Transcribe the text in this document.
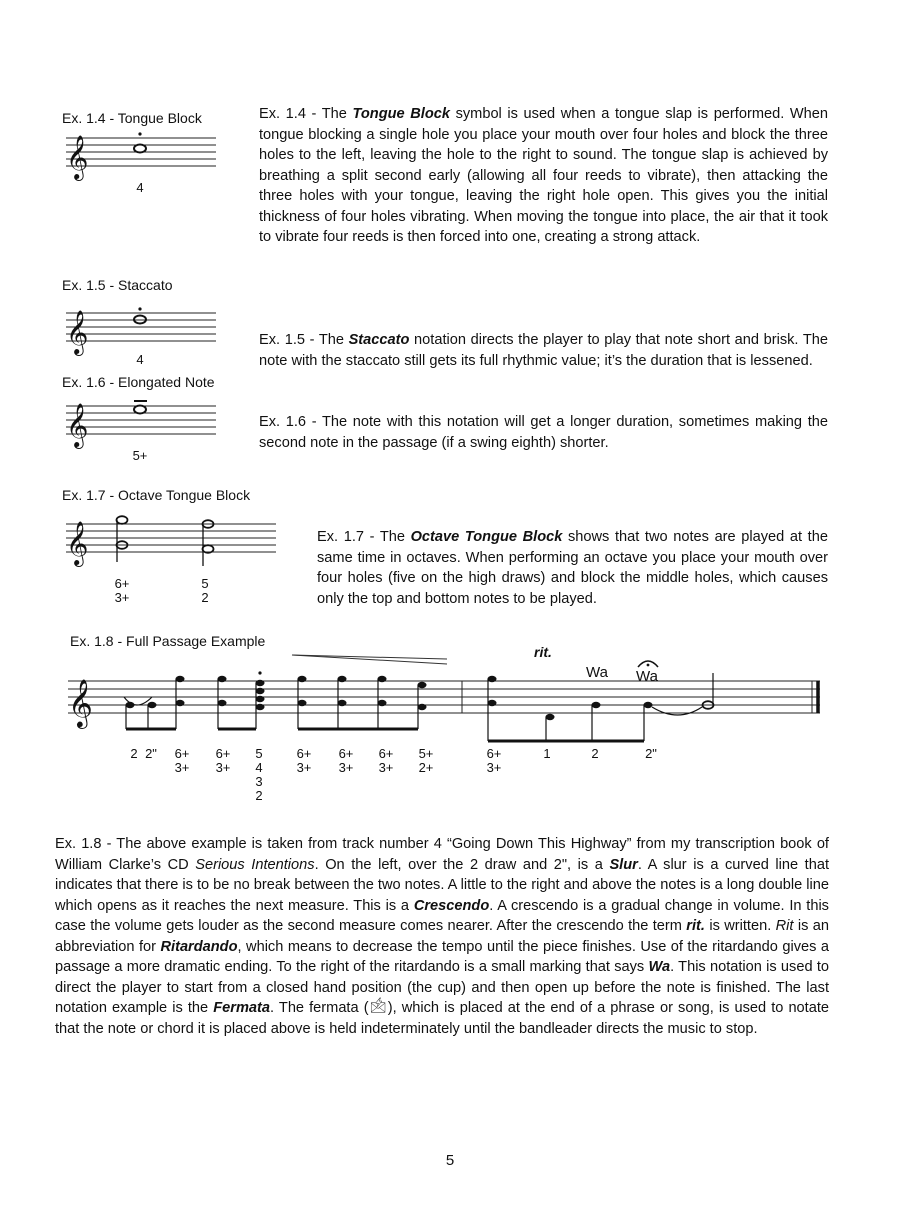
Ex. 1.4 - Tongue Block
𝄞
4
Ex. 1.5 - Staccato
𝄞
4
Ex. 1.6 - Elongated Note
𝄞
5+
Ex. 1.7 - Octave Tongue Block
𝄞
6+
3+
5
2
Ex. 1.8 - Full Passage Example
rit.
Wa Wa
𝄞
2 2" 6+
3+
6+
3+
5
4
3
2
6+
3+
6+
3+
6+
3+
5+
2+
6+
3+
1	2	2"
Ex. 1.4 - The Tongue Block symbol is used when a tongue slap is performed. When tongue blocking a single hole you place your mouth over four holes and block the three holes to the left, leaving the hole to the right to sound. The tongue slap is achieved by breathing a split second early (allowing all four reeds to vibrate), then attacking the three holes with your tongue, leaving the right hole open. This gives you the initial thickness of four holes vibrating. When moving the tongue into place, the air that it took to vibrate four reeds is then forced into one, creating a strong attack.
Ex. 1.5 - The Staccato notation directs the player to play that note short and brisk. The note with the staccato still gets its full rhythmic value; it’s the duration that is lessened.
Ex. 1.6 - The note with this notation will get a longer duration, sometimes making the second note in the passage (if a swing eighth) shorter.
Ex. 1.7 - The Octave Tongue Block shows that two notes are played at the same time in octaves. When performing an octave you place your mouth over four holes (five on the high draws) and block the middle holes, which causes only the top and bottom notes to be played.
Ex. 1.8 - The above example is taken from track number 4 “Going Down This Highway” from my transcription book of William Clarke’s CD Serious Intentions. On the left, over the 2 draw and 2", is a Slur. A slur is a curved line that indicates that there is to be no break between the two notes. A little to the right and above the notes is a long double line which opens as it reaches the next measure. This is a Crescendo. A crescendo is a gradual change in volume. In this case the volume gets louder as the second measure comes nearer. After the crescendo the term rit. is written. Rit is an abbreviation for Ritardando, which means to decrease the tempo until the piece finishes. Use of the ritardando gives a passage a more dramatic ending. To the right of the ritardando is a small marking that says Wa. This notation is used to direct the player to start from a closed hand position (the cup) and then open up before the note is finished. The last notation example is the Fermata. The fermata (🖄), which is placed at the end of a phrase or song, is used to notate that the note or chord it is placed above is held indeterminately until the bandleader directs the music to stop.
5
